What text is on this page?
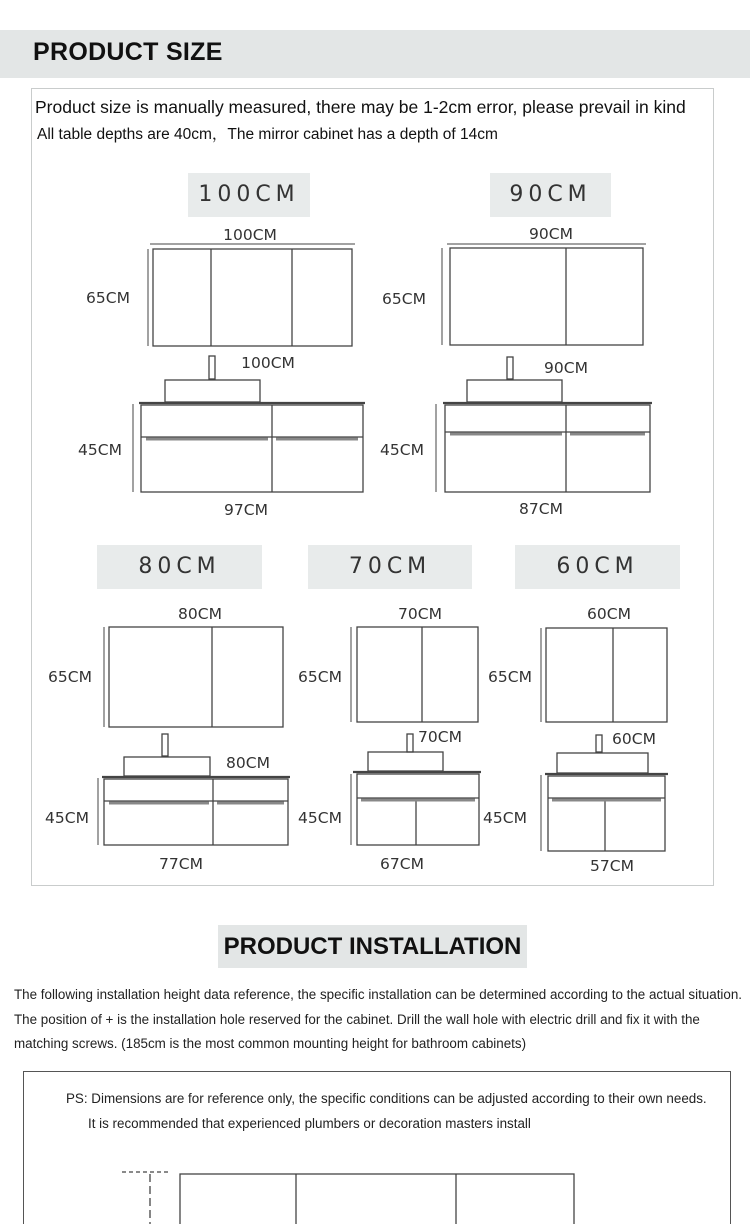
PRODUCT SIZE
Product size is manually measured, there may be 1-2cm error, please prevail in kind
All table depths are 40cm，The mirror cabinet has a depth of 14cm
100CM	90CM
80CM	70CM	60CM
100CM
65CM
100CM
45CM
97CM
90CM
65CM
90CM
45CM
87CM
80CM
65CM
80CM
45CM
77CM
70CM
65CM
70CM
45CM
67CM
60CM
65CM
60CM
45CM
57CM
PRODUCT INSTALLATION
The following installation height data reference, the specific installation can be determined according to the actual situation.
The position of + is the installation hole reserved for the cabinet. Drill the wall hole with electric drill and fix it with the
matching screws. (185cm is the most common mounting height for bathroom cabinets)
PS: Dimensions are for reference only, the specific conditions can be adjusted according to their own needs.
It is recommended that experienced plumbers or decoration masters install
